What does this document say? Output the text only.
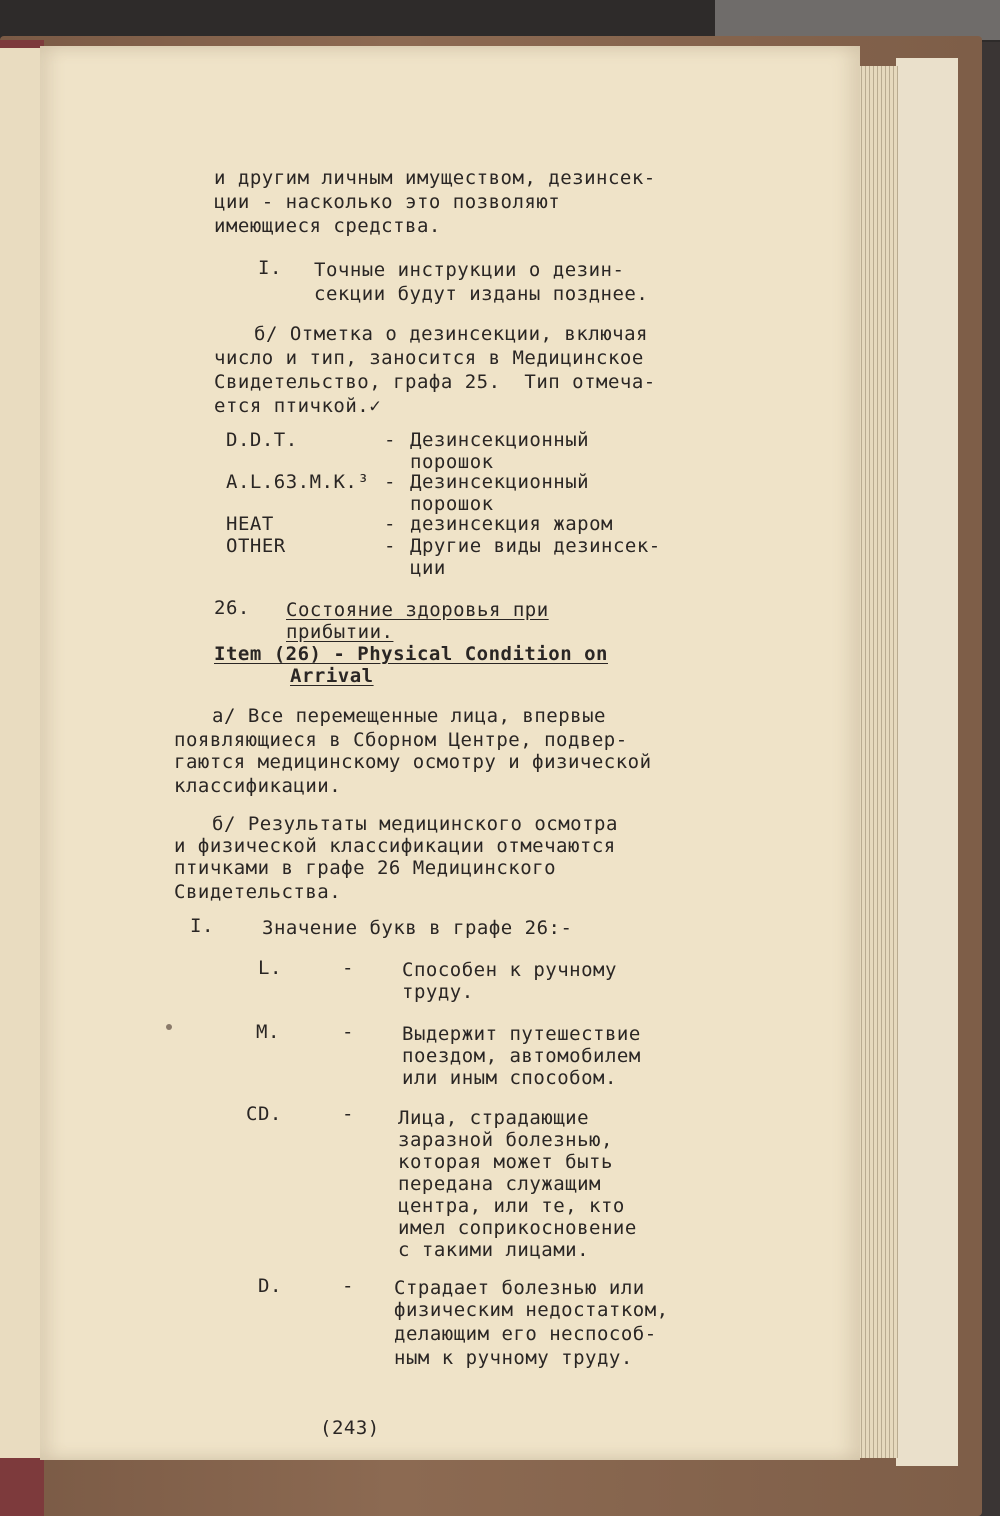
и другим личным имуществом, дезинсек-

ции - насколько это позволяют

имеющиеся средства.

I. Точные инструкции о дезин-

секции будут изданы позднее.

б/ Отметка о дезинсекции, включая

число и тип, заносится в Медицинское

Свидетельство, графа 25.  Тип отмеча-

ется птичкой.✓

D.D.T.	- Дезинсекционный

порошок

A.L.63.M.K.³ - Дезинсекционный

порошок

HEAT	- дезинсекция жаром

OTHER	- Другие виды дезинсек-

ции

26. Состояние здоровья при

прибытии.

Item (26) - Physical Condition on

Arrival

а/ Все перемещенные лица, впервые

появляющиеся в Сборном Центре, подвер-

гаются медицинскому осмотру и физической

классификации.

б/ Результаты медицинского осмотра

и физической классификации отмечаются

птичками в графе 26 Медицинского

Свидетельства.

I.	Значение букв в графе 26:-

L.	-	Способен к ручному

труду.

M.	-	Выдержит путешествие

поездом, автомобилем

или иным способом.

CD.	- Лица, страдающие

заразной болезнью,

которая может быть

передана служащим

центра, или те, кто

имел соприкосновение

с такими лицами.

D.	- Страдает болезнью или

физическим недостатком,

делающим его неспособ-

ным к ручному труду.

(243)
